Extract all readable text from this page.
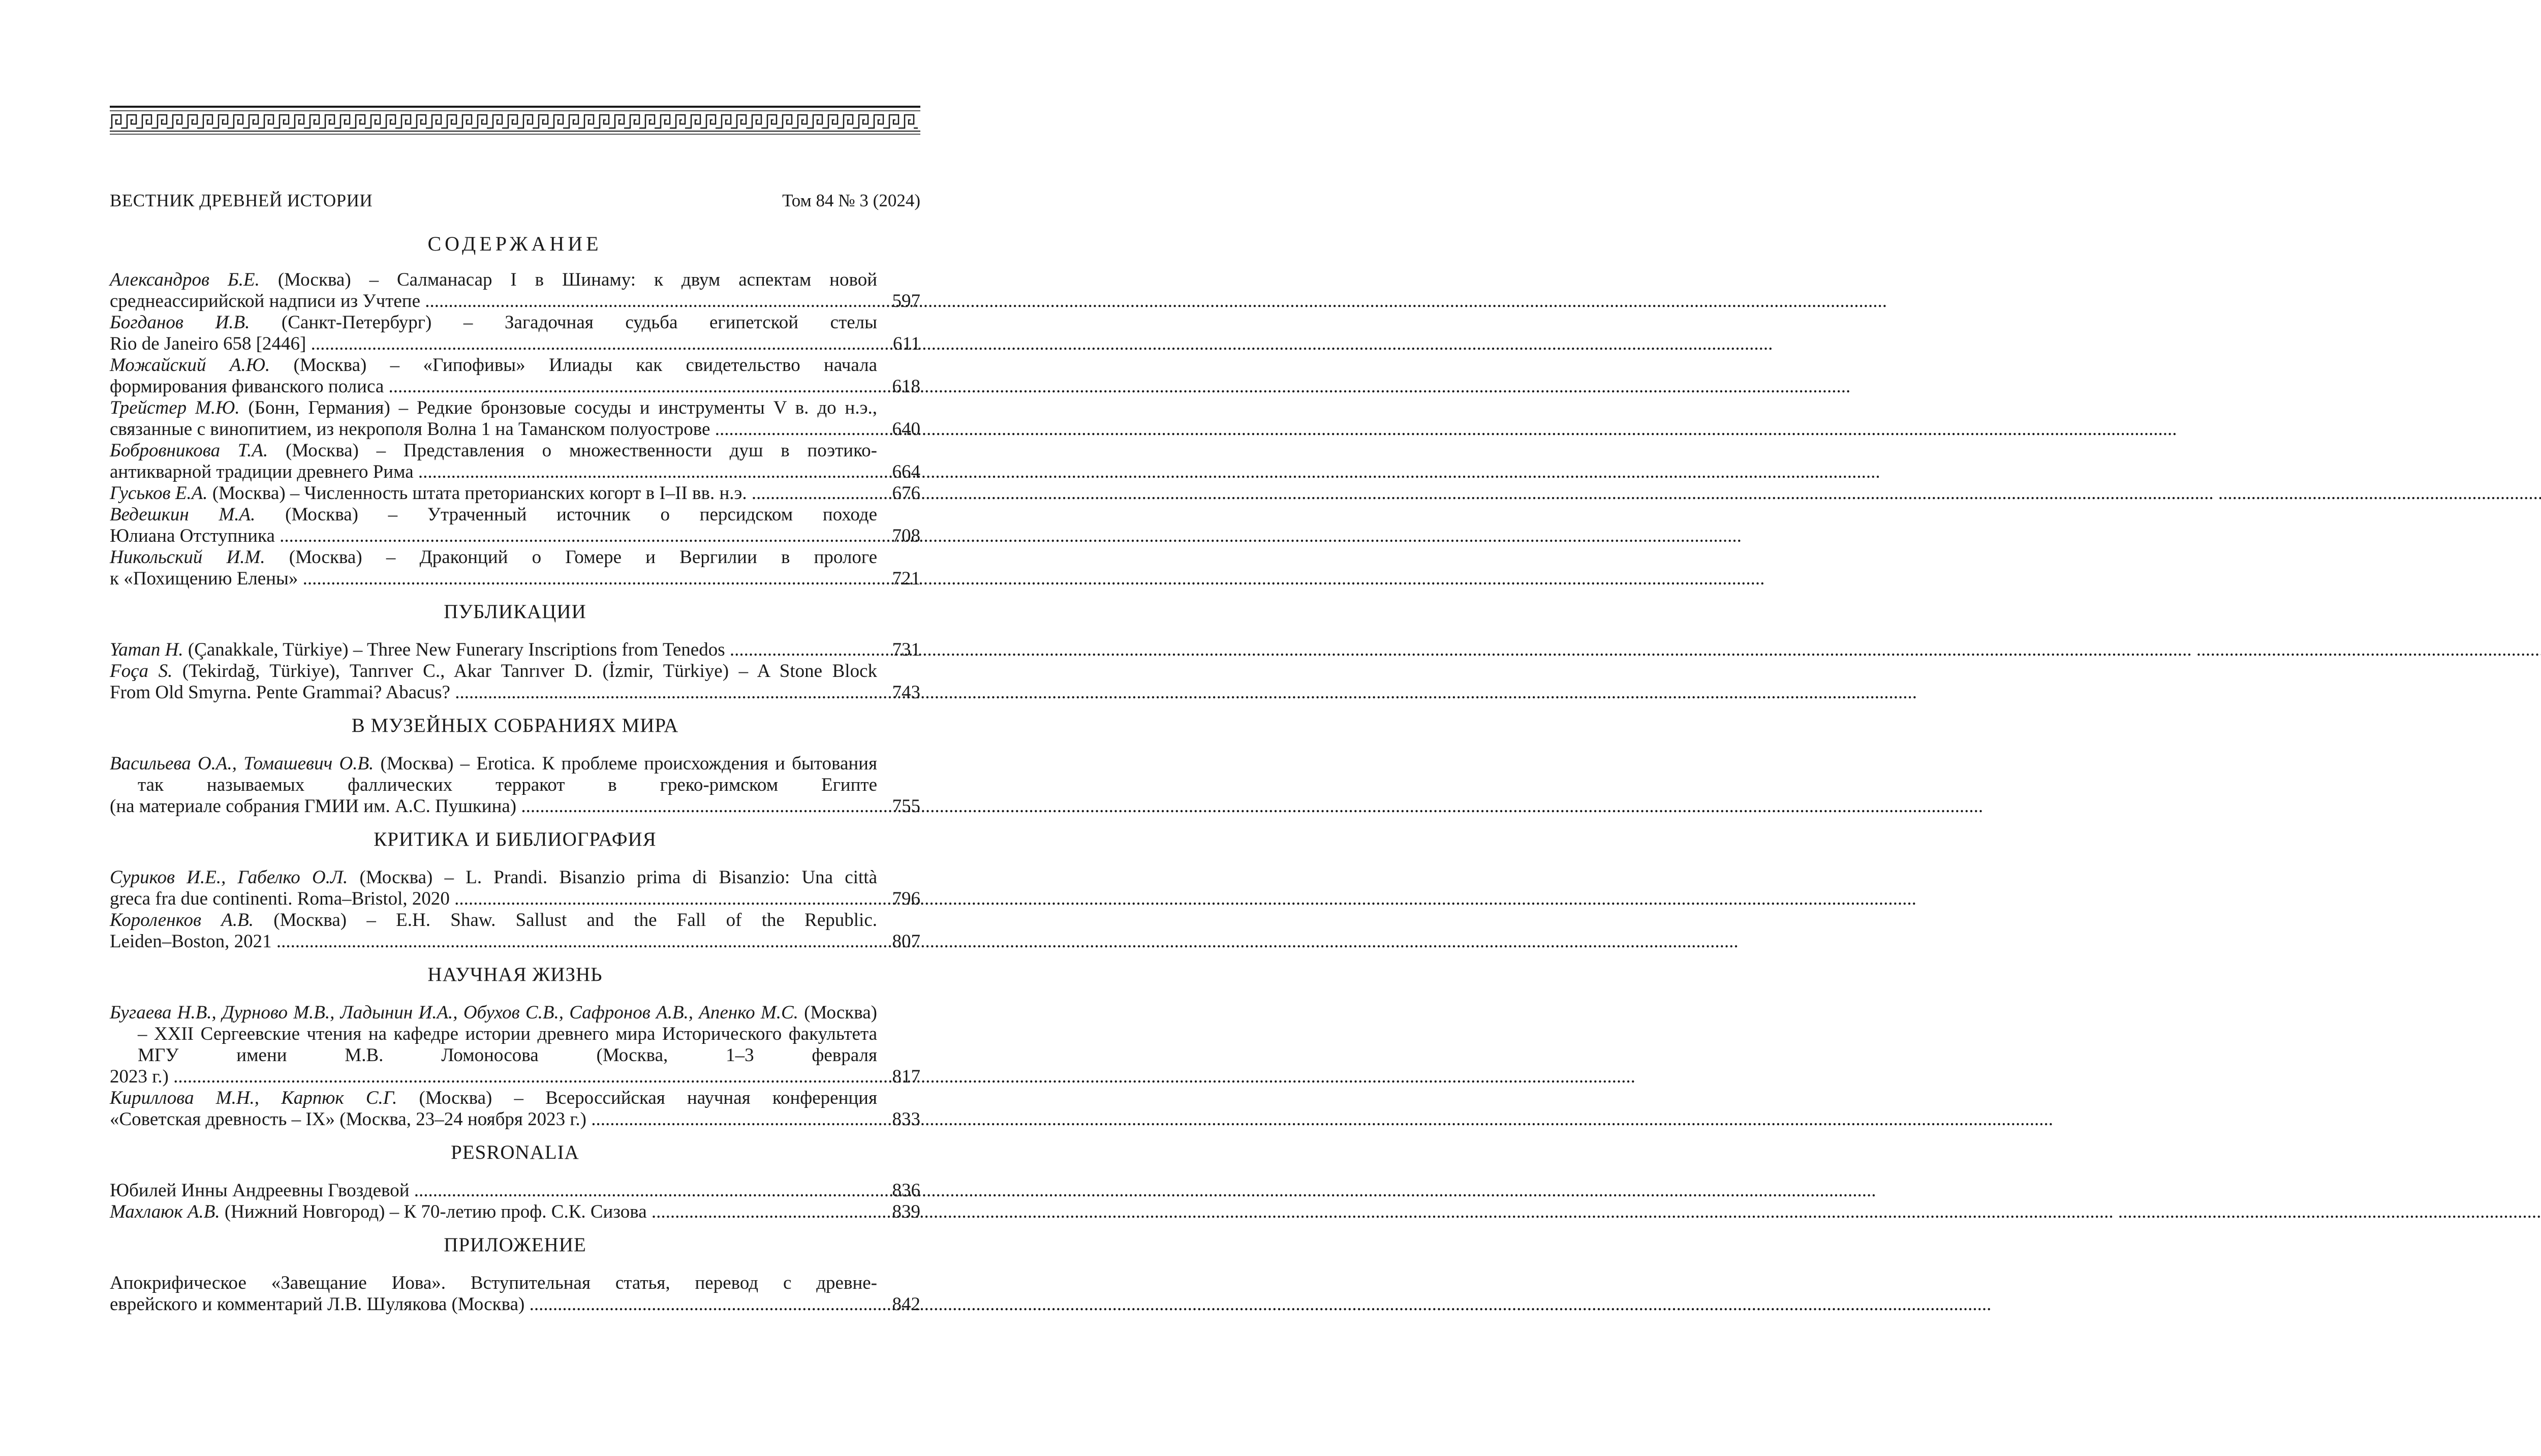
ВЕСТНИК ДРЕВНЕЙ ИСТОРИИ	Том 84 № 3 (2024)
СОДЕРЖАНИЕ
Александров Б.Е. (Москва) – Салманасар I в Шинаму: к двум аспектам новой
среднеассирийской надписи из Учтепе .....	597
Богданов И.В. (Санкт-Петербург) – Загадочная судьба египетской стелы
Rio de Janeiro 658 [2446] .....	611
Можайский А.Ю. (Москва) – «Гипофивы» Илиады как свидетельство начала
формирования фиванского полиса .....	618
Трейстер М.Ю. (Бонн, Германия) – Редкие бронзовые сосуды и инструменты V в. до н.э.,
связанные с винопитием, из некрополя Волна 1 на Таманском полуострове .....	640
Бобровникова Т.А. (Москва) – Представления о множественности душ в поэтико-
антикварной традиции древнего Рима .....	664
Гуськов Е.А. (Москва) – Численность штата преторианских когорт в I–II вв. н.э. ..... .....	676
Ведешкин М.А. (Москва) – Утраченный источник о персидском походе
Юлиана Отступника .....	708
Никольский И.М. (Москва) – Драконций о Гомере и Вергилии в прологе
к «Похищению Елены» .....	721
ПУБЛИКАЦИИ
Yaman H. (Çanakkale, Türkiye) – Three New Funerary Inscriptions from Tenedos ..... .....	731
Foça S. (Tekirdağ, Türkiye), Tanrıver C., Akar Tanrıver D. (İzmir, Türkiye) – A Stone Block
From Old Smyrna. Pente Grammai? Abacus? .....	743
В МУЗЕЙНЫХ СОБРАНИЯХ МИРА
Васильева О.А., Томашевич О.В. (Москва) – Erotica. К проблеме происхождения и бытования так называемых фаллических терракот в греко-римском Египте
(на материале собрания ГМИИ им. А.С. Пушкина) .....	755
КРИТИКА И БИБЛИОГРАФИЯ
Суриков И.Е., Габелко О.Л. (Москва) – L. Prandi. Bisanzio prima di Bisanzio: Una città
greca fra due continenti. Roma–Bristol, 2020 .....	796
Короленков А.В. (Москва) – E.H. Shaw. Sallust and the Fall of the Republic.
Leiden–Boston, 2021 .....	807
НАУЧНАЯ ЖИЗНЬ
Бугаева Н.В., Дурново М.В., Ладынин И.А., Обухов С.В., Сафронов А.В., Апенко М.С. (Москва) – XXII Сергеевские чтения на кафедре истории древнего мира Исторического факультета МГУ имени М.В. Ломоносова (Москва, 1–3 февраля
2023 г.) .....	817
Кириллова М.Н., Карпюк С.Г. (Москва) – Всероссийская научная конференция
«Советская древность – IX» (Москва, 23–24 ноября 2023 г.) .....	833
PESRONALIA
Юбилей Инны Андреевны Гвоздевой .....	836
Махлаюк А.В. (Нижний Новгород) – К 70-летию проф. С.К. Сизова ..... .....	839
ПРИЛОЖЕНИЕ
Апокрифическое «Завещание Иова». Вступительная статья, перевод с древне-
еврейского и комментарий Л.В. Шулякова (Москва) .....	842
